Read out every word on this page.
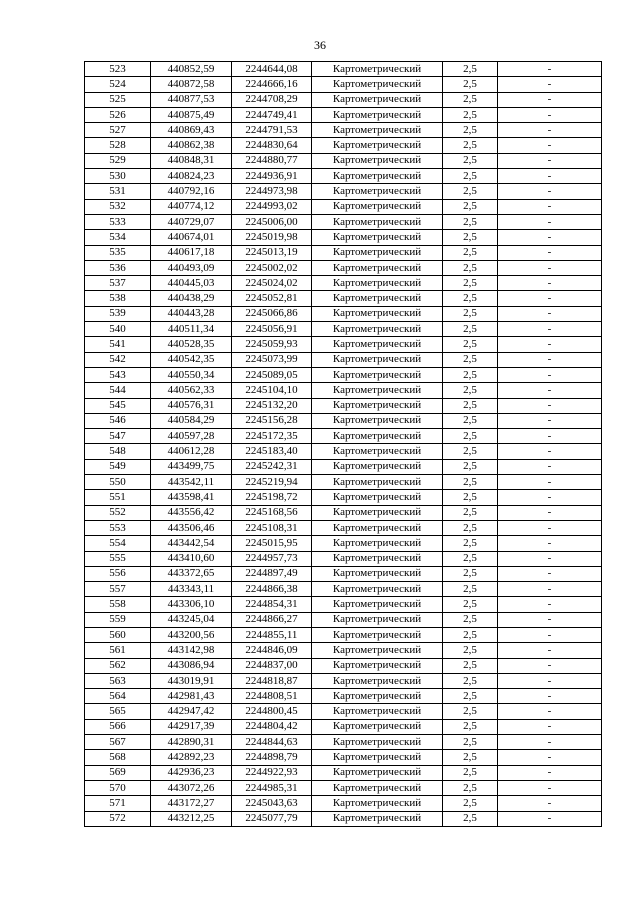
36
523	440852,59	2244644,08	Картометрический	2,5	-
524	440872,58	2244666,16	Картометрический	2,5	-
525	440877,53	2244708,29	Картометрический	2,5	-
526	440875,49	2244749,41	Картометрический	2,5	-
527	440869,43	2244791,53	Картометрический	2,5	-
528	440862,38	2244830,64	Картометрический	2,5	-
529	440848,31	2244880,77	Картометрический	2,5	-
530	440824,23	2244936,91	Картометрический	2,5	-
531	440792,16	2244973,98	Картометрический	2,5	-
532	440774,12	2244993,02	Картометрический	2,5	-
533	440729,07	2245006,00	Картометрический	2,5	-
534	440674,01	2245019,98	Картометрический	2,5	-
535	440617,18	2245013,19	Картометрический	2,5	-
536	440493,09	2245002,02	Картометрический	2,5	-
537	440445,03	2245024,02	Картометрический	2,5	-
538	440438,29	2245052,81	Картометрический	2,5	-
539	440443,28	2245066,86	Картометрический	2,5	-
540	440511,34	2245056,91	Картометрический	2,5	-
541	440528,35	2245059,93	Картометрический	2,5	-
542	440542,35	2245073,99	Картометрический	2,5	-
543	440550,34	2245089,05	Картометрический	2,5	-
544	440562,33	2245104,10	Картометрический	2,5	-
545	440576,31	2245132,20	Картометрический	2,5	-
546	440584,29	2245156,28	Картометрический	2,5	-
547	440597,28	2245172,35	Картометрический	2,5	-
548	440612,28	2245183,40	Картометрический	2,5	-
549	443499,75	2245242,31	Картометрический	2,5	-
550	443542,11	2245219,94	Картометрический	2,5	-
551	443598,41	2245198,72	Картометрический	2,5	-
552	443556,42	2245168,56	Картометрический	2,5	-
553	443506,46	2245108,31	Картометрический	2,5	-
554	443442,54	2245015,95	Картометрический	2,5	-
555	443410,60	2244957,73	Картометрический	2,5	-
556	443372,65	2244897,49	Картометрический	2,5	-
557	443343,11	2244866,38	Картометрический	2,5	-
558	443306,10	2244854,31	Картометрический	2,5	-
559	443245,04	2244866,27	Картометрический	2,5	-
560	443200,56	2244855,11	Картометрический	2,5	-
561	443142,98	2244846,09	Картометрический	2,5	-
562	443086,94	2244837,00	Картометрический	2,5	-
563	443019,91	2244818,87	Картометрический	2,5	-
564	442981,43	2244808,51	Картометрический	2,5	-
565	442947,42	2244800,45	Картометрический	2,5	-
566	442917,39	2244804,42	Картометрический	2,5	-
567	442890,31	2244844,63	Картометрический	2,5	-
568	442892,23	2244898,79	Картометрический	2,5	-
569	442936,23	2244922,93	Картометрический	2,5	-
570	443072,26	2244985,31	Картометрический	2,5	-
571	443172,27	2245043,63	Картометрический	2,5	-
572	443212,25	2245077,79	Картометрический	2,5	-
